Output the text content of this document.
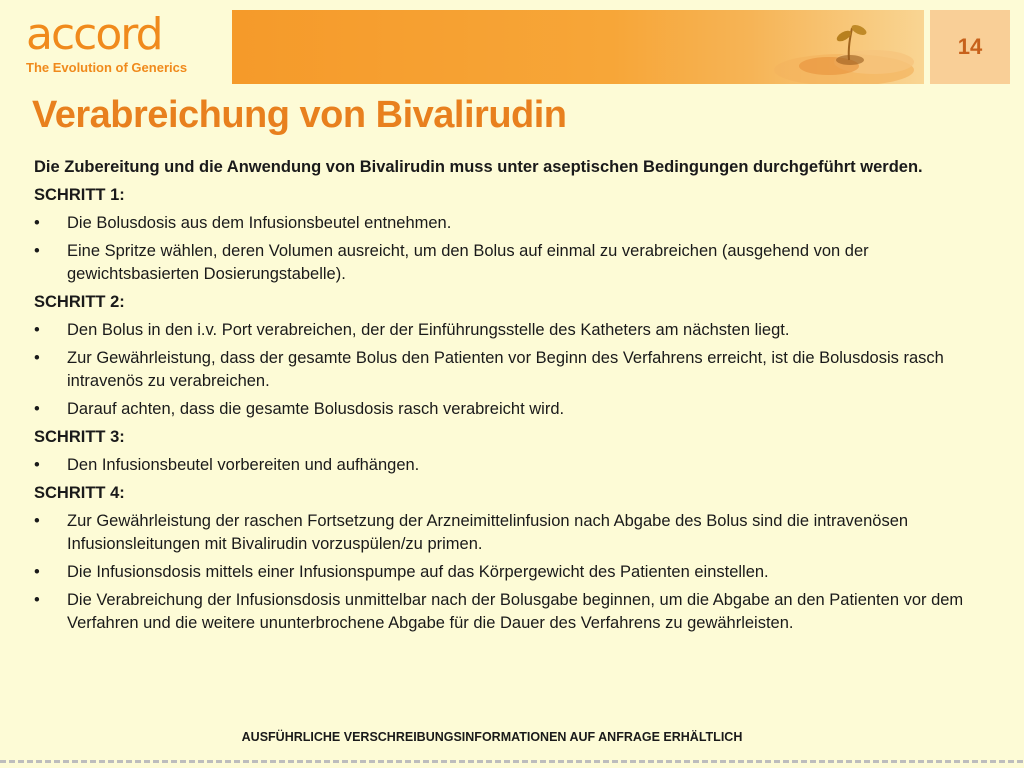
accord
The Evolution of Generics
14
Verabreichung von Bivalirudin

Die Zubereitung und die Anwendung von Bivalirudin muss unter aseptischen Bedingungen durchgeführt werden.

SCHRITT 1:

• Die Bolusdosis aus dem Infusionsbeutel entnehmen.
• Eine Spritze wählen, deren Volumen ausreicht, um den Bolus auf einmal zu verabreichen (ausgehend von der gewichtsbasierten Dosierungstabelle).

SCHRITT 2:

• Den Bolus in den i.v. Port verabreichen, der der Einführungsstelle des Katheters am nächsten liegt.
• Zur Gewährleistung, dass der gesamte Bolus den Patienten vor Beginn des Verfahrens erreicht, ist die Bolusdosis rasch intravenös zu verabreichen.
• Darauf achten, dass die gesamte Bolusdosis rasch verabreicht wird.

SCHRITT 3:

• Den Infusionsbeutel vorbereiten und aufhängen.

SCHRITT 4:

• Zur Gewährleistung der raschen Fortsetzung der Arzneimittelinfusion nach Abgabe des Bolus sind die intravenösen Infusionsleitungen mit Bivalirudin vorzuspülen/zu primen.
• Die Infusionsdosis mittels einer Infusionspumpe auf das Körpergewicht des Patienten einstellen.
• Die Verabreichung der Infusionsdosis unmittelbar nach der Bolusgabe beginnen, um die Abgabe an den Patienten vor dem Verfahren und die weitere ununterbrochene Abgabe für die Dauer des Verfahrens zu gewährleisten.
AUSFÜHRLICHE VERSCHREIBUNGSINFORMATIONEN AUF ANFRAGE ERHÄLTLICH
